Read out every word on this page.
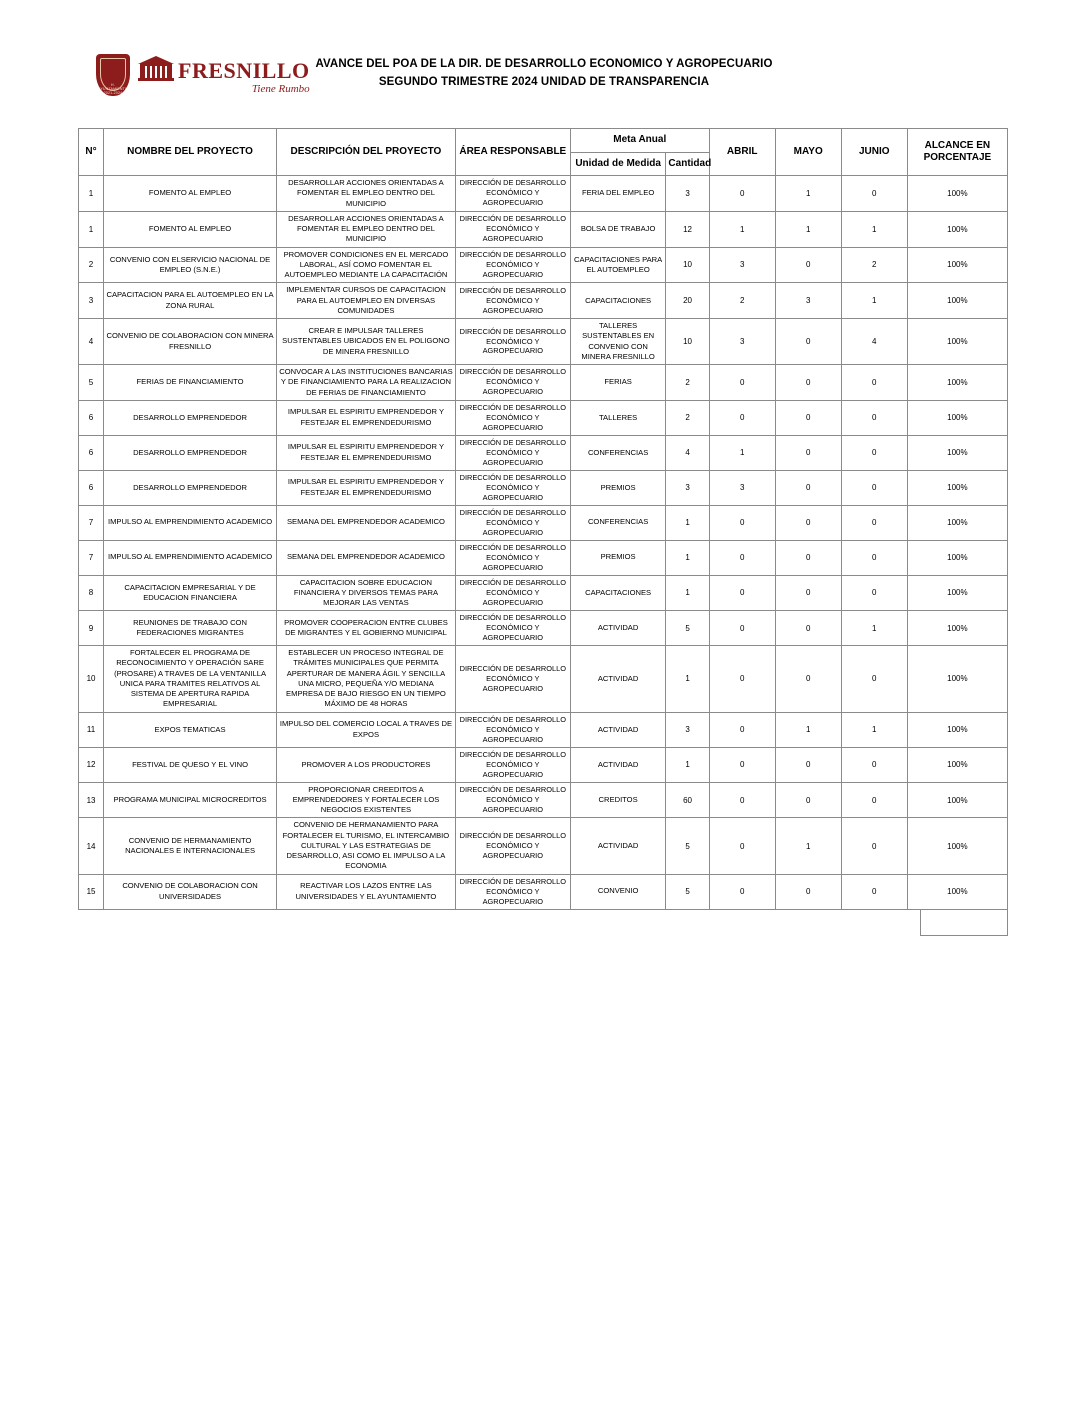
H. AYUNTAMIENTO 2021-2024
FRESNILLO
Tiene Rumbo
AVANCE DEL POA DE LA DIR. DE DESARROLLO ECONOMICO Y AGROPECUARIO
SEGUNDO TRIMESTRE 2024 UNIDAD DE TRANSPARENCIA
N°	NOMBRE DEL PROYECTO	DESCRIPCIÓN DEL PROYECTO	ÁREA RESPONSABLE	Meta Anual		ABRIL	MAYO	JUNIO	ALCANCE EN PORCENTAJE
				Unidad de Medida	Cantidad				
1	FOMENTO AL EMPLEO	DESARROLLAR ACCIONES ORIENTADAS A FOMENTAR EL EMPLEO DENTRO DEL MUNICIPIO	DIRECCIÓN DE DESARROLLO ECONÓMICO Y AGROPECUARIO	FERIA DEL EMPLEO	3	0	1	0	100%
1	FOMENTO AL EMPLEO	DESARROLLAR ACCIONES ORIENTADAS A FOMENTAR EL EMPLEO DENTRO DEL MUNICIPIO	DIRECCIÓN DE DESARROLLO ECONÓMICO Y AGROPECUARIO	BOLSA DE TRABAJO	12	1	1	1	100%
2	CONVENIO CON ELSERVICIO NACIONAL DE EMPLEO (S.N.E.)	PROMOVER CONDICIONES EN EL MERCADO LABORAL, ASÍ COMO FOMENTAR EL AUTOEMPLEO MEDIANTE LA CAPACITACIÓN	DIRECCIÓN DE DESARROLLO ECONÓMICO Y AGROPECUARIO	CAPACITACIONES PARA EL AUTOEMPLEO	10	3	0	2	100%
3	CAPACITACION PARA EL AUTOEMPLEO EN LA ZONA RURAL	IMPLEMENTAR CURSOS DE CAPACITACION PARA EL AUTOEMPLEO EN DIVERSAS COMUNIDADES	DIRECCIÓN DE DESARROLLO ECONÓMICO Y AGROPECUARIO	CAPACITACIONES	20	2	3	1	100%
4	CONVENIO DE COLABORACION CON MINERA FRESNILLO	CREAR E IMPULSAR TALLERES SUSTENTABLES UBICADOS EN EL POLIGONO DE MINERA FRESNILLO	DIRECCIÓN DE DESARROLLO ECONÓMICO Y AGROPECUARIO	TALLERES SUSTENTABLES EN CONVENIO CON MINERA FRESNILLO	10	3	0	4	100%
5	FERIAS DE FINANCIAMIENTO	CONVOCAR A LAS INSTITUCIONES BANCARIAS Y DE FINANCIAMIENTO PARA LA REALIZACION DE FERIAS DE FINANCIAMIENTO	DIRECCIÓN DE DESARROLLO ECONÓMICO Y AGROPECUARIO	FERIAS	2	0	0	0	100%
6	DESARROLLO EMPRENDEDOR	IMPULSAR EL ESPIRITU EMPRENDEDOR Y FESTEJAR EL EMPRENDEDURISMO	DIRECCIÓN DE DESARROLLO ECONÓMICO Y AGROPECUARIO	TALLERES	2	0	0	0	100%
6	DESARROLLO EMPRENDEDOR	IMPULSAR EL ESPIRITU EMPRENDEDOR Y FESTEJAR EL EMPRENDEDURISMO	DIRECCIÓN DE DESARROLLO ECONÓMICO Y AGROPECUARIO	CONFERENCIAS	4	1	0	0	100%
6	DESARROLLO EMPRENDEDOR	IMPULSAR EL ESPIRITU EMPRENDEDOR Y FESTEJAR EL EMPRENDEDURISMO	DIRECCIÓN DE DESARROLLO ECONÓMICO Y AGROPECUARIO	PREMIOS	3	3	0	0	100%
7	IMPULSO AL EMPRENDIMIENTO ACADEMICO	SEMANA DEL EMPRENDEDOR ACADEMICO	DIRECCIÓN DE DESARROLLO ECONÓMICO Y AGROPECUARIO	CONFERENCIAS	1	0	0	0	100%
7	IMPULSO AL EMPRENDIMIENTO ACADEMICO	SEMANA DEL EMPRENDEDOR ACADEMICO	DIRECCIÓN DE DESARROLLO ECONÓMICO Y AGROPECUARIO	PREMIOS	1	0	0	0	100%
8	CAPACITACION EMPRESARIAL Y DE EDUCACION FINANCIERA	CAPACITACION SOBRE EDUCACION FINANCIERA Y DIVERSOS TEMAS PARA MEJORAR LAS VENTAS	DIRECCIÓN DE DESARROLLO ECONÓMICO Y AGROPECUARIO	CAPACITACIONES	1	0	0	0	100%
9	REUNIONES DE TRABAJO CON FEDERACIONES MIGRANTES	PROMOVER COOPERACION ENTRE CLUBES DE MIGRANTES Y EL GOBIERNO MUNICIPAL	DIRECCIÓN DE DESARROLLO ECONÓMICO Y AGROPECUARIO	ACTIVIDAD	5	0	0	1	100%
10	FORTALECER EL PROGRAMA DE RECONOCIMIENTO Y OPERACIÓN SARE (PROSARE) A TRAVES DE LA VENTANILLA UNICA PARA TRAMITES RELATIVOS AL SISTEMA DE APERTURA RAPIDA EMPRESARIAL	ESTABLECER UN PROCESO INTEGRAL DE TRÁMITES MUNICIPALES QUE PERMITA APERTURAR DE MANERA ÁGIL Y SENCILLA UNA MICRO, PEQUEÑA Y/O MEDIANA EMPRESA DE BAJO RIESGO EN UN TIEMPO MÁXIMO DE 48 HORAS	DIRECCIÓN DE DESARROLLO ECONÓMICO Y AGROPECUARIO	ACTIVIDAD	1	0	0	0	100%
11	EXPOS TEMATICAS	IMPULSO DEL COMERCIO LOCAL A TRAVES DE EXPOS	DIRECCIÓN DE DESARROLLO ECONÓMICO Y AGROPECUARIO	ACTIVIDAD	3	0	1	1	100%
12	FESTIVAL DE QUESO Y EL VINO	PROMOVER A LOS PRODUCTORES	DIRECCIÓN DE DESARROLLO ECONÓMICO Y AGROPECUARIO	ACTIVIDAD	1	0	0	0	100%
13	PROGRAMA MUNICIPAL MICROCREDITOS	PROPORCIONAR CREEDITOS A EMPRENDEDORES Y FORTALECER LOS NEGOCIOS EXISTENTES	DIRECCIÓN DE DESARROLLO ECONÓMICO Y AGROPECUARIO	CREDITOS	60	0	0	0	100%
14	CONVENIO DE HERMANAMIENTO NACIONALES E INTERNACIONALES	CONVENIO DE HERMANAMIENTO PARA FORTALECER EL TURISMO, EL INTERCAMBIO CULTURAL Y LAS ESTRATEGIAS DE DESARROLLO, ASI COMO EL IMPULSO A LA ECONOMIA	DIRECCIÓN DE DESARROLLO ECONÓMICO Y AGROPECUARIO	ACTIVIDAD	5	0	1	0	100%
15	CONVENIO DE COLABORACION CON UNIVERSIDADES	REACTIVAR LOS LAZOS ENTRE LAS UNIVERSIDADES Y EL AYUNTAMIENTO	DIRECCIÓN DE DESARROLLO ECONÓMICO Y AGROPECUARIO	CONVENIO	5	0	0	0	100%
